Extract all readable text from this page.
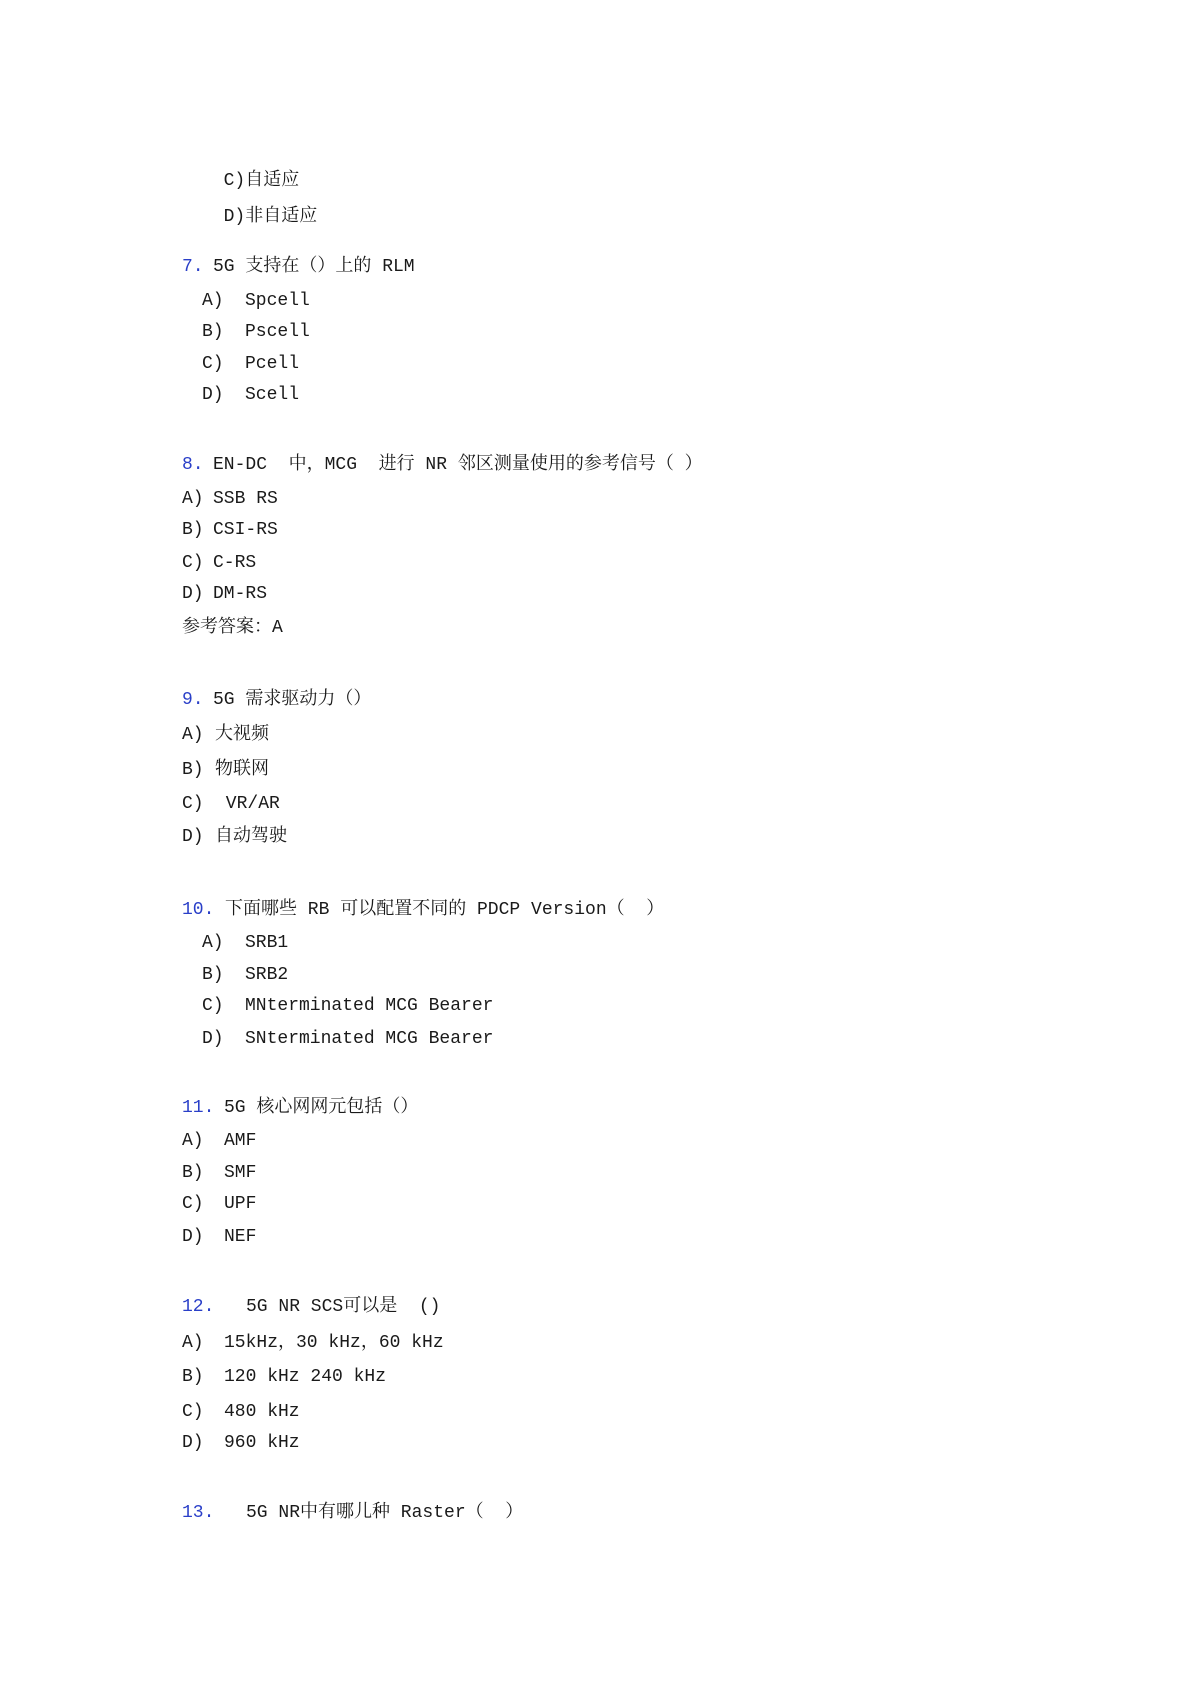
C)自适应

D)非自适应

7.

5G 支持在（）上的 RLM

A)

Spcell

B)

Pscell

C)

Pcell

D)

Scell

8.

EN-DC  中，MCG  进行 NR 邻区测量使用的参考信号（ ）

A)

SSB RS

B)

CSI-RS

C)

C-RS

D)

DM-RS

参考答案：A

9.

5G 需求驱动力（）

A)

大视频

B)

物联网

C)

VR/AR

D)

自动驾驶

10.

下面哪些 RB 可以配置不同的 PDCP Version（  ）

A)

SRB1

B)

SRB2

C)

MNterminated MCG Bearer

D)

SNterminated MCG Bearer

11.

5G 核心网网元包括（）

A)

AMF

B)

SMF

C)

UPF

D)

NEF

12.

5G NR SCS可以是  ()

A)

15kHz，30 kHz，60 kHz

B)

120 kHz 240 kHz

C)

480 kHz

D)

960 kHz

13.

5G NR中有哪儿种 Raster（  ）
